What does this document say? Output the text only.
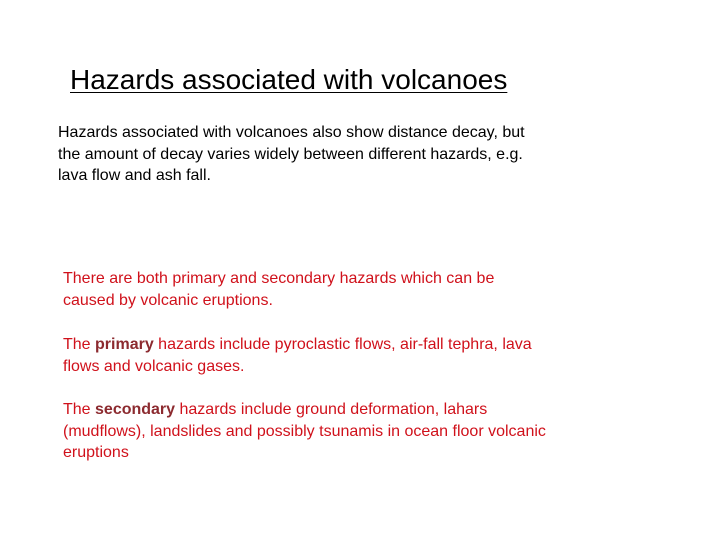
Hazards associated with volcanoes
Hazards associated with volcanoes also show distance decay, but
the amount of decay varies widely between different hazards, e.g.
lava flow and ash fall.
There are both primary and secondary hazards which can be
caused by volcanic eruptions.
The primary hazards include pyroclastic flows, air-fall tephra, lava
flows and volcanic gases.
The secondary hazards include ground deformation, lahars
(mudflows), landslides and possibly tsunamis in ocean floor volcanic
eruptions
